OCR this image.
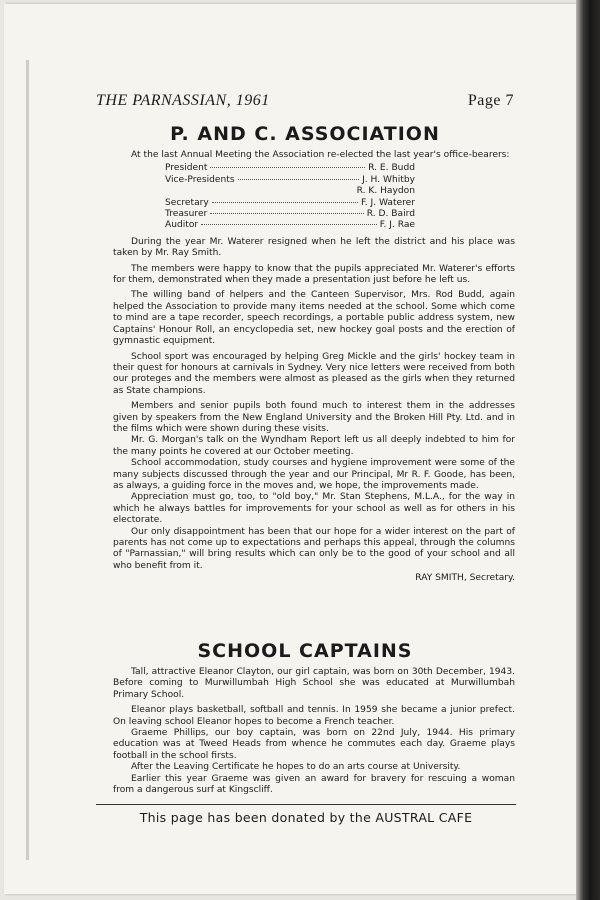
THE PARNASSIAN, 1961	Page 7
P. AND C. ASSOCIATION

At the last Annual Meeting the Association re-elected the last year's office-bearers:

President	R. E. Budd
Vice-Presidents	J. H. Whitby
R. K. Haydon
Secretary	F. J. Waterer
Treasurer	R. D. Baird
Auditor	F. J. Rae

During the year Mr. Waterer resigned when he left the district and his place was taken by Mr. Ray Smith.

The members were happy to know that the pupils appreciated Mr. Waterer's efforts for them, demonstrated when they made a presentation just before he left us.

The willing band of helpers and the Canteen Supervisor, Mrs. Rod Budd, again helped the Association to provide many items needed at the school. Some which come to mind are a tape recorder, speech recordings, a portable public address system, new Captains' Honour Roll, an encyclopedia set, new hockey goal posts and the erection of gymnastic equipment.

School sport was encouraged by helping Greg Mickle and the girls' hockey team in their quest for honours at carnivals in Sydney. Very nice letters were received from both our proteges and the members were almost as pleased as the girls when they returned as State champions.

Members and senior pupils both found much to interest them in the addresses given by speakers from the New England University and the Broken Hill Pty. Ltd. and in the films which were shown during these visits.

Mr. G. Morgan's talk on the Wyndham Report left us all deeply indebted to him for the many points he covered at our October meeting.

School accommodation, study courses and hygiene improvement were some of the many subjects discussed through the year and our Principal, Mr R. F. Goode, has been, as always, a guiding force in the moves and, we hope, the improvements made.

Appreciation must go, too, to "old boy," Mr. Stan Stephens, M.L.A., for the way in which he always battles for improvements for your school as well as for others in his electorate.

Our only disappointment has been that our hope for a wider interest on the part of parents has not come up to expectations and perhaps this appeal, through the columns of "Parnassian," will bring results which can only be to the good of your school and all who benefit from it.

RAY SMITH, Secretary.
SCHOOL CAPTAINS

Tall, attractive Eleanor Clayton, our girl captain, was born on 30th December, 1943. Before coming to Murwillumbah High School she was educated at Murwillumbah Primary School.

Eleanor plays basketball, softball and tennis. In 1959 she became a junior prefect. On leaving school Eleanor hopes to become a French teacher.

Graeme Phillips, our boy captain, was born on 22nd July, 1944. His primary education was at Tweed Heads from whence he commutes each day. Graeme plays football in the school firsts.

After the Leaving Certificate he hopes to do an arts course at University.

Earlier this year Graeme was given an award for bravery for rescuing a woman from a dangerous surf at Kingscliff.

This page has been donated by the AUSTRAL CAFE
